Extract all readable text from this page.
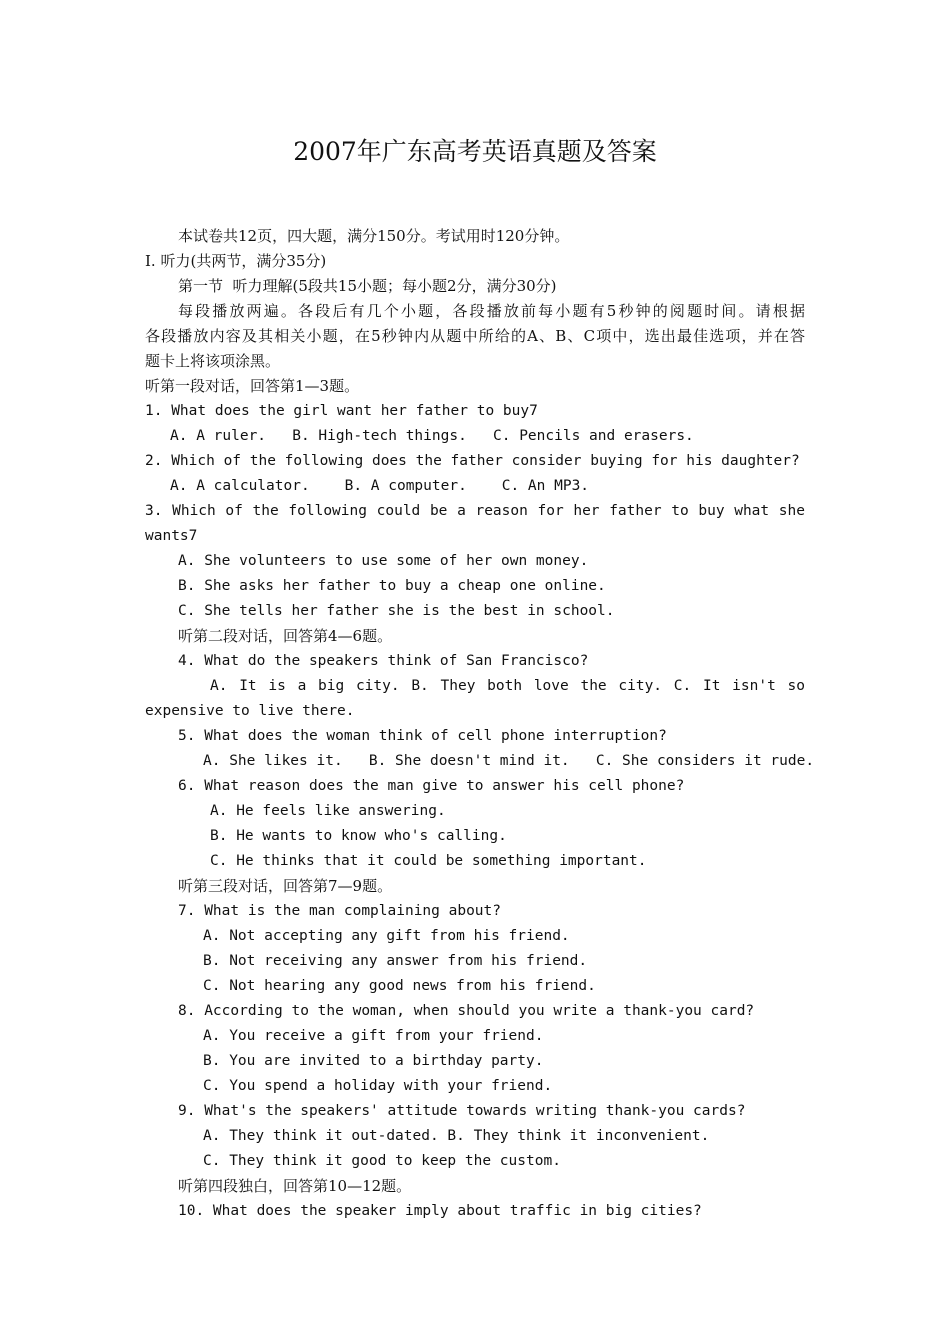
2007年广东高考英语真题及答案
本试卷共12页，四大题，满分150分。考试用时120分钟。
I. 听力(共两节，满分35分)
第一节  听力理解(5段共15小题；每小题2分，满分30分)
每段播放两遍。各段后有几个小题，各段播放前每小题有5秒钟的阅题时间。请根据
各段播放内容及其相关小题，在5秒钟内从题中所给的A、B、C项中，选出最佳选项，并在答
题卡上将该项涂黑。
听第一段对话，回答第1—3题。
1. What does the girl want her father to buy7
A. A ruler.   B. High-tech things.   C. Pencils and erasers.
2. Which of the following does the father consider buying for his daughter?
A. A calculator.    B. A computer.    C. An MP3.
3. Which of the following could be a reason for her father to buy what she
wants7
A. She volunteers to use some of her own money.
B. She asks her father to buy a cheap one online.
C. She tells her father she is the best in school.
听第二段对话，回答第4—6题。
4. What do the speakers think of San Francisco?
A. It is a big city. B. They both love the city. C. It isn't so
expensive to live there.
5. What does the woman think of cell phone interruption?
A. She likes it.   B. She doesn't mind it.   C. She considers it rude.
6. What reason does the man give to answer his cell phone?
A. He feels like answering.
B. He wants to know who's calling.
C. He thinks that it could be something important.
听第三段对话，回答第7—9题。
7. What is the man complaining about?
A. Not accepting any gift from his friend.
B. Not receiving any answer from his friend.
C. Not hearing any good news from his friend.
8. According to the woman, when should you write a thank-you card?
A. You receive a gift from your friend.
B. You are invited to a birthday party.
C. You spend a holiday with your friend.
9. What's the speakers' attitude towards writing thank-you cards?
A. They think it out-dated. B. They think it inconvenient.
C. They think it good to keep the custom.
听第四段独白，回答第10—12题。
10. What does the speaker imply about traffic in big cities?
